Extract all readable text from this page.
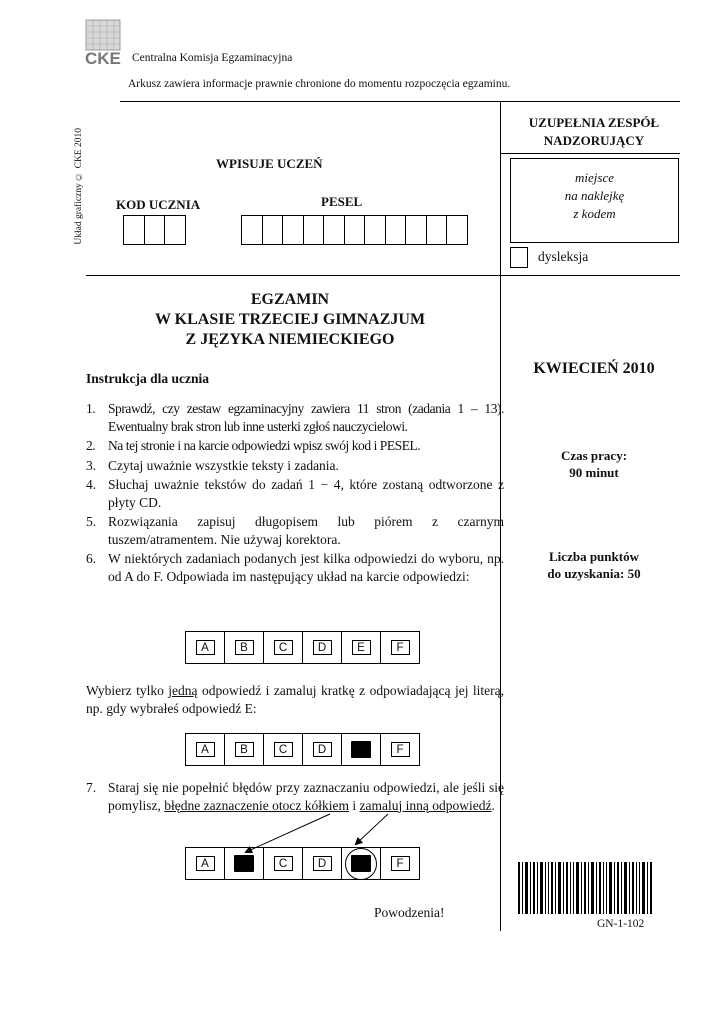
CKE Centralna Komisja Egzaminacyjna
Arkusz zawiera informacje prawnie chronione do momentu rozpoczęcia egzaminu.
Układ graficzny © CKE 2010	WPISUJE UCZEŃ
KOD UCZNIA	PESEL
UZUPEŁNIA ZESPÓŁ NADZORUJĄCY
miejsce
na naklejkę
z kodem
dysleksja
EGZAMIN
W KLASIE TRZECIEJ GIMNAZJUM
Z JĘZYKA NIEMIECKIEGO
KWIECIEŃ 2010
Czas pracy:
90 minut
Liczba punktów
do uzyskania: 50
Instrukcja dla ucznia
1. Sprawdź, czy zestaw egzaminacyjny zawiera 11 stron (zadania 1 – 13). Ewentualny brak stron lub inne usterki zgłoś nauczycielowi.
2. Na tej stronie i na karcie odpowiedzi wpisz swój kod i PESEL.
3. Czytaj uważnie wszystkie teksty i zadania.
4. Słuchaj uważnie tekstów do zadań 1 − 4, które zostaną odtworzone z płyty CD.
5. Rozwiązania zapisuj długopisem lub piórem z czarnym tuszem/atramentem. Nie używaj korektora.
6. W niektórych zadaniach podanych jest kilka odpowiedzi do wyboru, np. od A do F. Odpowiada im następujący układ na karcie odpowiedzi:
A	B	C	D	E	F
Wybierz tylko jedną odpowiedź i zamaluj kratkę z odpowiadającą jej literą, np. gdy wybrałeś odpowiedź E:
A	B	C	D	F
7. Staraj się nie popełnić błędów przy zaznaczaniu odpowiedzi, ale jeśli się pomylisz, błędne zaznaczenie otocz kółkiem i zamaluj inną odpowiedź.
A	C	D	F
Powodzenia!
GN-1-102
